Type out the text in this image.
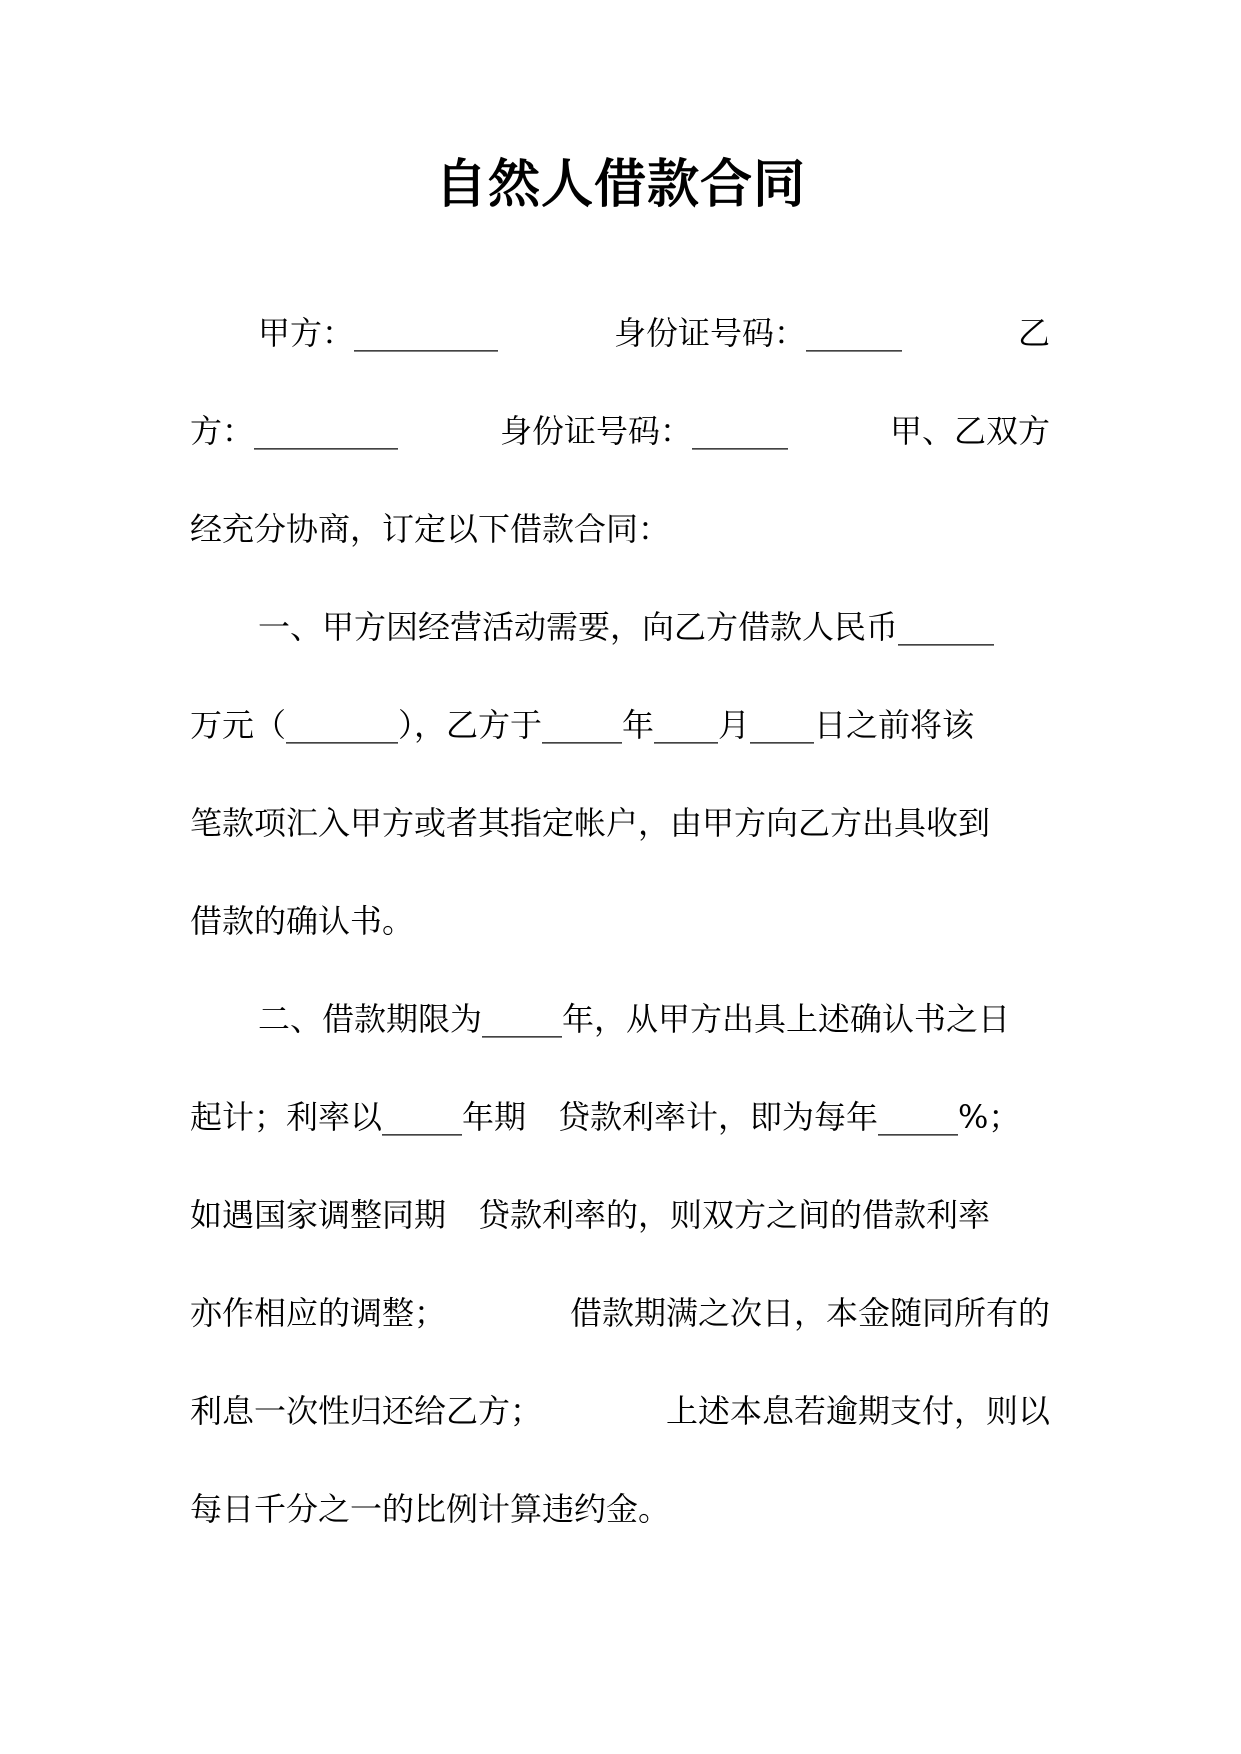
自然人借款合同
甲方：_________	身份证号码：______	乙
方：_________	身份证号码：______	甲、乙双方
经充分协商，订定以下借款合同：
一、甲方因经营活动需要，向乙方借款人民币______
万元（_______），乙方于_____年____月____日之前将该
笔款项汇入甲方或者其指定帐户，由甲方向乙方出具收到
借款的确认书。
二、借款期限为_____年，从甲方出具上述确认书之日
起计；利率以_____年期　贷款利率计，即为每年_____%；
如遇国家调整同期　贷款利率的，则双方之间的借款利率
亦作相应的调整；	借款期满之次日，本金随同所有的
利息一次性归还给乙方；	上述本息若逾期支付，则以
每日千分之一的比例计算违约金。
